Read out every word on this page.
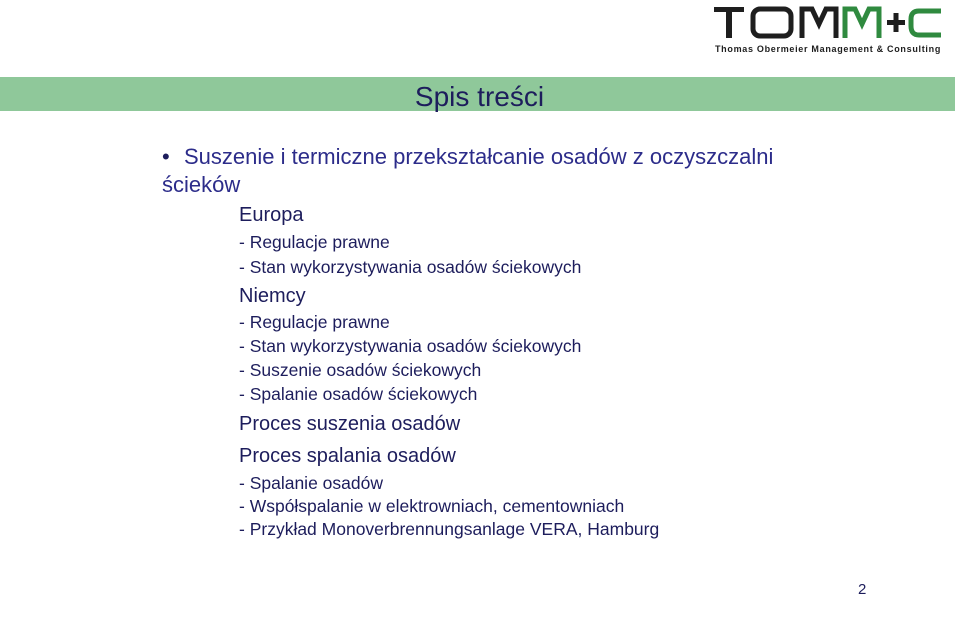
Thomas Obermeier Management & Consulting
Spis treści
• Suszenie i termiczne przekształcanie osadów z oczyszczalni ścieków
Europa
- Regulacje prawne
- Stan wykorzystywania osadów ściekowych
Niemcy
- Regulacje prawne
- Stan wykorzystywania osadów ściekowych
- Suszenie osadów ściekowych
- Spalanie osadów ściekowych
Proces suszenia osadów
Proces spalania osadów
- Spalanie osadów
- Współspalanie w elektrowniach, cementowniach
- Przykład Monoverbrennungsanlage VERA, Hamburg
2
